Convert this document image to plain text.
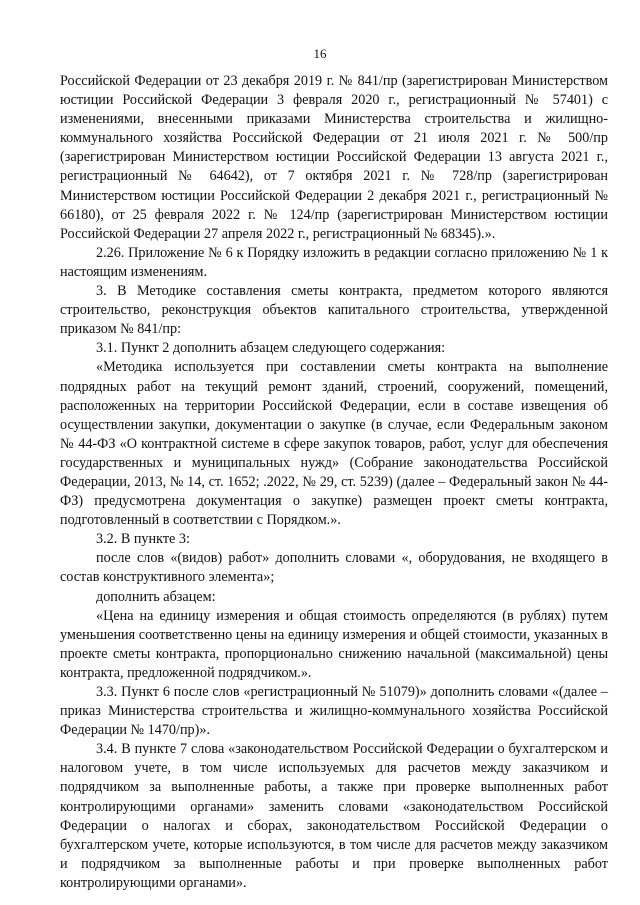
16

Российской Федерации от 23 декабря 2019 г. № 841/пр (зарегистрирован Министерством юстиции Российской Федерации 3 февраля 2020 г., регистрационный № 57401) с изменениями, внесенными приказами Министерства строительства и жилищно-коммунального хозяйства Российской Федерации от 21 июля 2021 г. № 500/пр (зарегистрирован Министерством юстиции Российской Федерации 13 августа 2021 г., регистрационный № 64642), от 7 октября 2021 г. № 728/пр (зарегистрирован Министерством юстиции Российской Федерации 2 декабря 2021 г., регистрационный № 66180), от 25 февраля 2022 г. № 124/пр (зарегистрирован Министерством юстиции Российской Федерации 27 апреля 2022 г., регистрационный № 68345).».

2.26. Приложение № 6 к Порядку изложить в редакции согласно приложению № 1 к настоящим изменениям.

3. В Методике составления сметы контракта, предметом которого являются строительство, реконструкция объектов капитального строительства, утвержденной приказом № 841/пр:

3.1. Пункт 2 дополнить абзацем следующего содержания:

«Методика используется при составлении сметы контракта на выполнение подрядных работ на текущий ремонт зданий, строений, сооружений, помещений, расположенных на территории Российской Федерации, если в составе извещения об осуществлении закупки, документации о закупке (в случае, если Федеральным законом № 44-ФЗ «О контрактной системе в сфере закупок товаров, работ, услуг для обеспечения государственных и муниципальных нужд» (Собрание законодательства Российской Федерации, 2013, № 14, ст. 1652; .2022, № 29, ст. 5239) (далее – Федеральный закон № 44-ФЗ) предусмотрена документация о закупке) размещен проект сметы контракта, подготовленный в соответствии с Порядком.».

3.2. В пункте 3:

после слов «(видов) работ» дополнить словами «, оборудования, не входящего в состав конструктивного элемента»;

дополнить абзацем:

«Цена на единицу измерения и общая стоимость определяются (в рублях) путем уменьшения соответственно цены на единицу измерения и общей стоимости, указанных в проекте сметы контракта, пропорционально снижению начальной (максимальной) цены контракта, предложенной подрядчиком.».

3.3. Пункт 6 после слов «регистрационный № 51079)» дополнить словами «(далее – приказ Министерства строительства и жилищно-коммунального хозяйства Российской Федерации № 1470/пр)».

3.4. В пункте 7 слова «законодательством Российской Федерации о бухгалтерском и налоговом учете, в том числе используемых для расчетов между заказчиком и подрядчиком за выполненные работы, а также при проверке выполненных работ контролирующими органами» заменить словами «законодательством Российской Федерации о налогах и сборах, законодательством Российской Федерации о бухгалтерском учете, которые используются, в том числе для расчетов между заказчиком и подрядчиком за выполненные работы и при проверке выполненных работ контролирующими органами».
